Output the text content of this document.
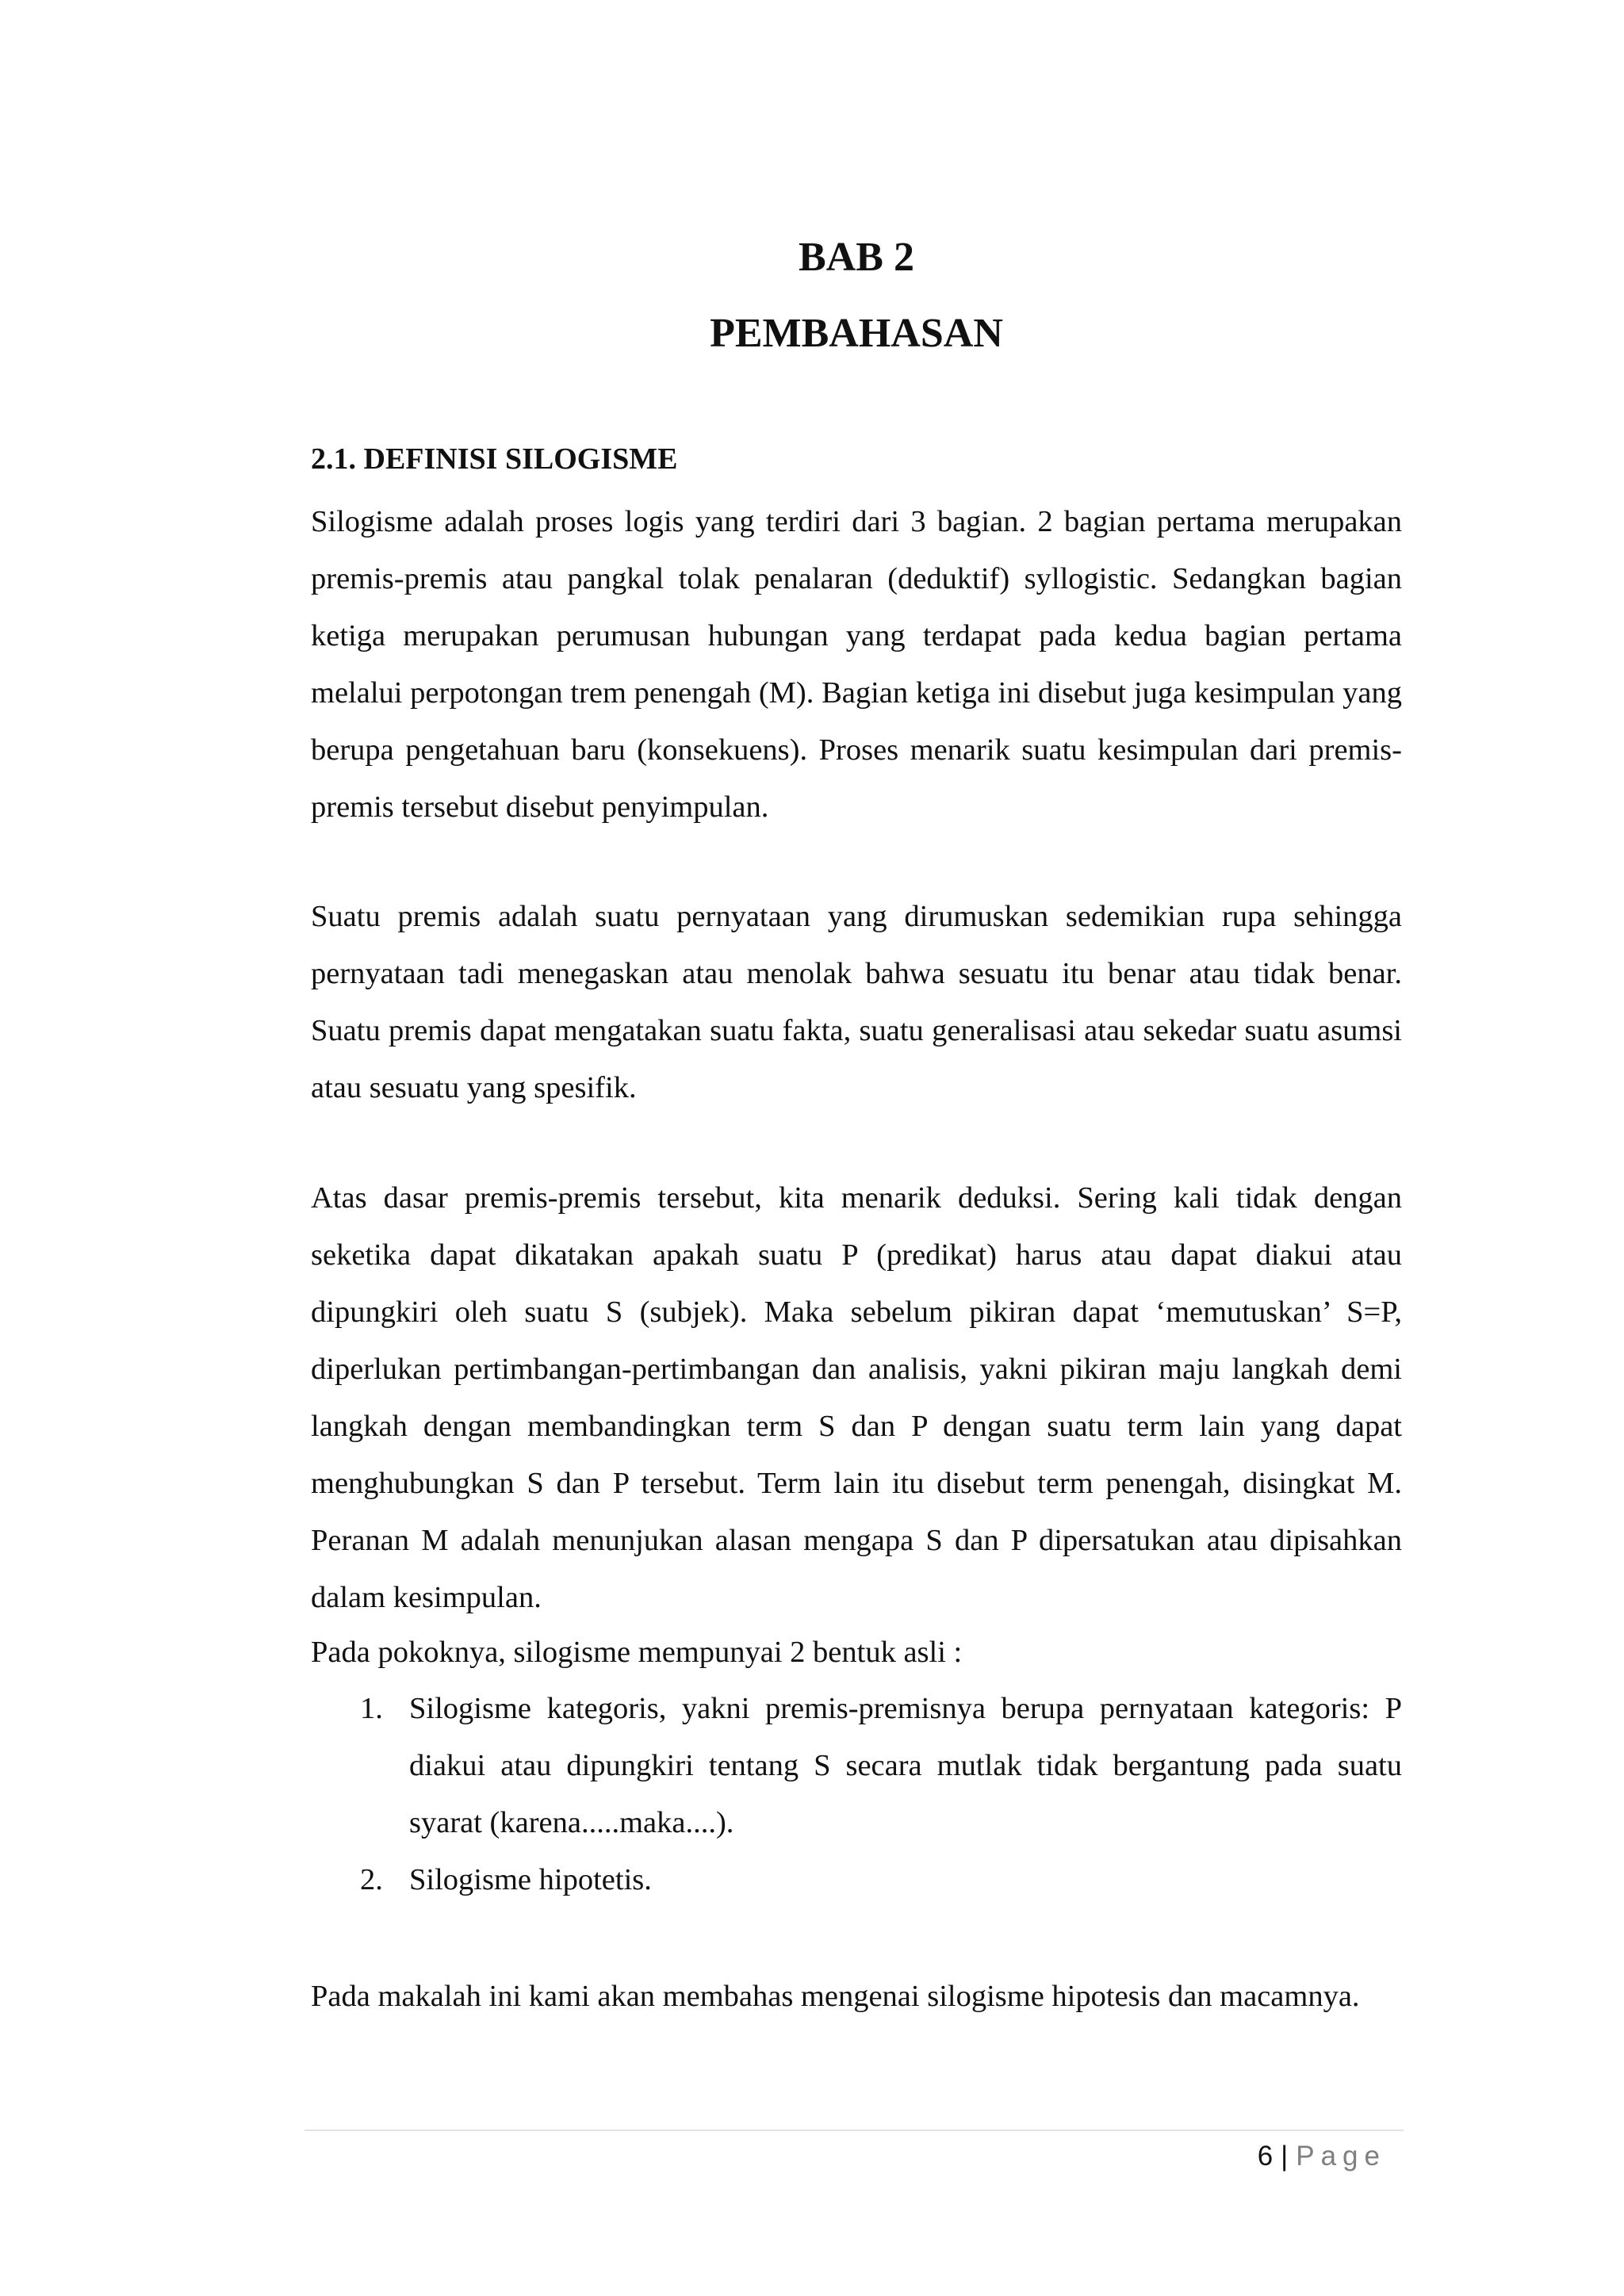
BAB 2
PEMBAHASAN
2.1. DEFINISI SILOGISME

Silogisme adalah proses logis yang terdiri dari 3 bagian. 2 bagian pertama merupakan premis-premis atau pangkal tolak penalaran (deduktif) syllogistic. Sedangkan bagian ketiga merupakan perumusan hubungan yang terdapat pada kedua bagian pertama melalui perpotongan trem penengah (M). Bagian ketiga ini disebut juga kesimpulan yang berupa pengetahuan baru (konsekuens). Proses menarik suatu kesimpulan dari premis-premis tersebut disebut penyimpulan.

Suatu premis adalah suatu pernyataan yang dirumuskan sedemikian rupa sehingga pernyataan tadi menegaskan atau menolak bahwa sesuatu itu benar atau tidak benar. Suatu premis dapat mengatakan suatu fakta, suatu generalisasi atau sekedar suatu asumsi atau sesuatu yang spesifik.

Atas dasar premis-premis tersebut, kita menarik deduksi. Sering kali tidak dengan seketika dapat dikatakan apakah suatu P (predikat) harus atau dapat diakui atau dipungkiri oleh suatu S (subjek). Maka sebelum pikiran dapat ‘memutuskan’ S=P, diperlukan pertimbangan-pertimbangan dan analisis, yakni pikiran maju langkah demi langkah dengan membandingkan term S dan P dengan suatu term lain yang dapat menghubungkan S dan P tersebut. Term lain itu disebut term penengah, disingkat M. Peranan M adalah menunjukan alasan mengapa S dan P dipersatukan atau dipisahkan dalam kesimpulan.

Pada pokoknya, silogisme mempunyai 2 bentuk asli :

1. Silogisme kategoris, yakni premis-premisnya berupa pernyataan kategoris: P diakui atau dipungkiri tentang S secara mutlak tidak bergantung pada suatu syarat (karena.....maka....).
2. Silogisme hipotetis.

Pada makalah ini kami akan membahas mengenai silogisme hipotesis dan macamnya.

6 | Page
